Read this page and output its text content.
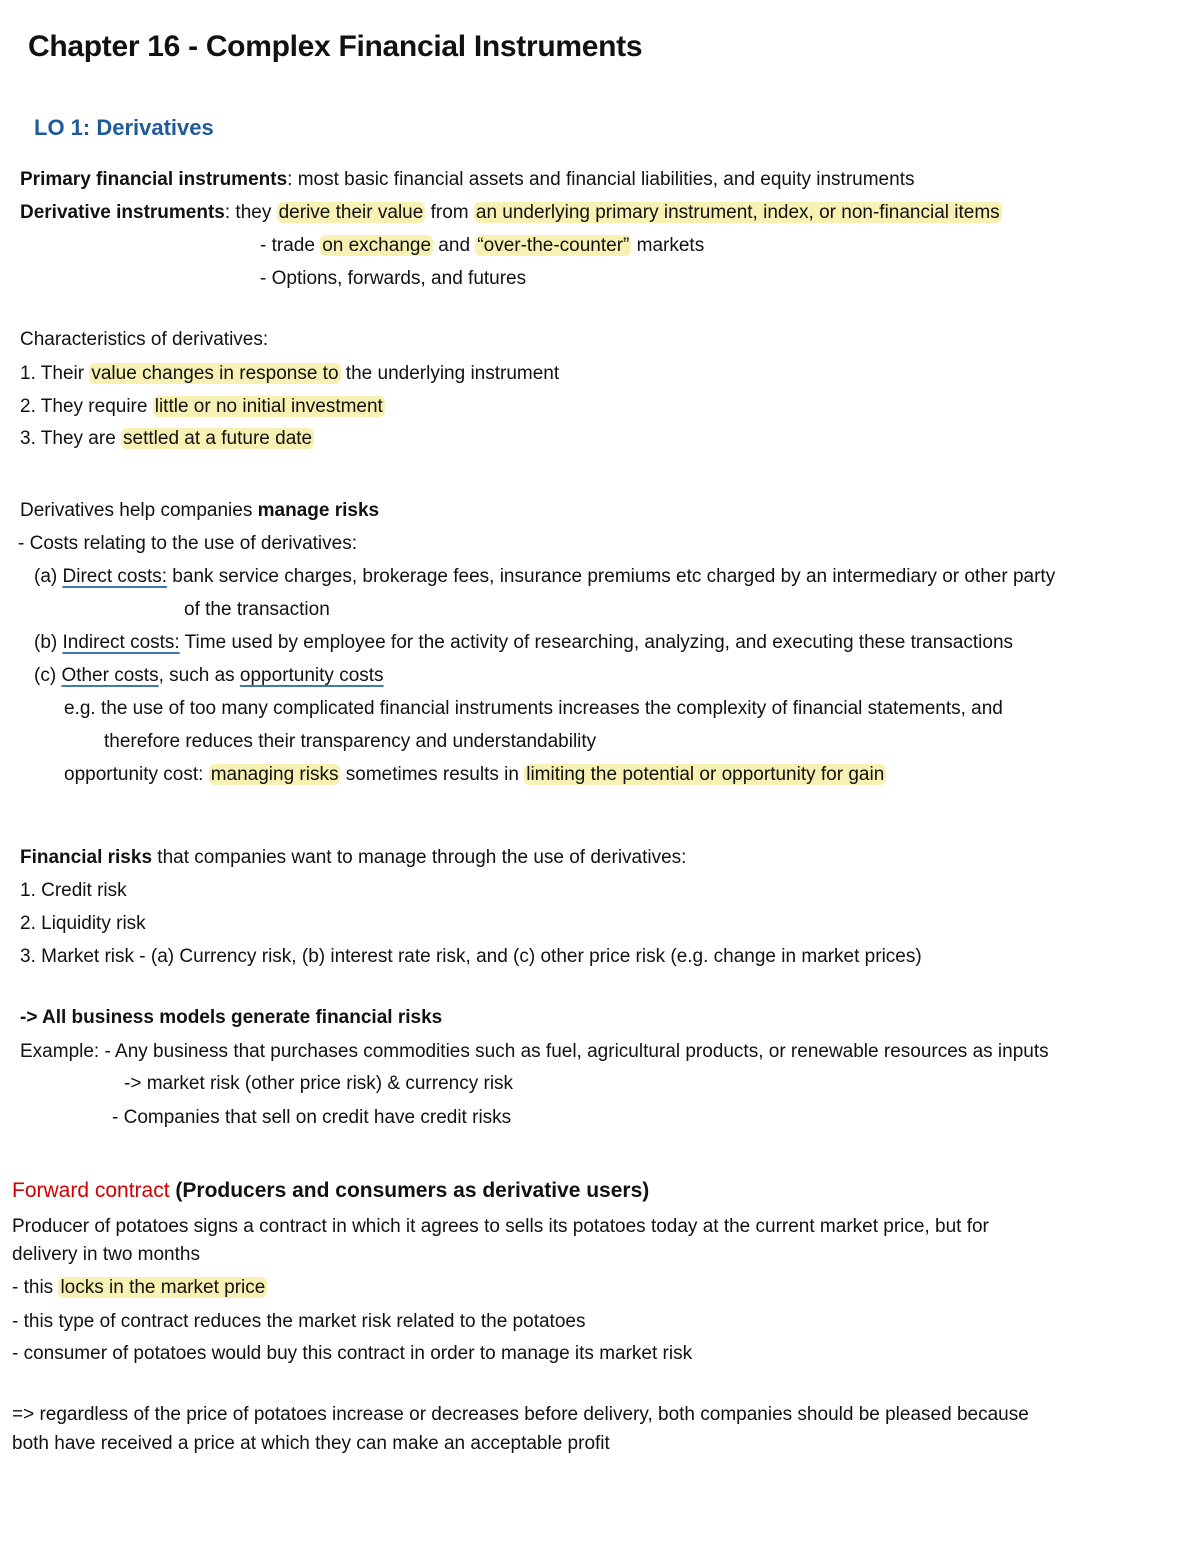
Chapter 16 - Complex Financial Instruments
LO 1: Derivatives
Primary financial instruments: most basic financial assets and financial liabilities, and equity instruments
Derivative instruments: they derive their value from an underlying primary instrument, index, or non-financial items
- trade on exchange and “over-the-counter” markets
- Options, forwards, and futures
Characteristics of derivatives:
1. Their value changes in response to the underlying instrument
2. They require little or no initial investment
3. They are settled at a future date
Derivatives help companies manage risks
- Costs relating to the use of derivatives:
(a) Direct costs: bank service charges, brokerage fees, insurance premiums etc charged by an intermediary or other party
of the transaction
(b) Indirect costs: Time used by employee for the activity of researching, analyzing, and executing these transactions
(c) Other costs, such as opportunity costs
e.g. the use of too many complicated financial instruments increases the complexity of financial statements, and
therefore reduces their transparency and understandability
opportunity cost: managing risks sometimes results in limiting the potential or opportunity for gain
Financial risks that companies want to manage through the use of derivatives:
1. Credit risk
2. Liquidity risk
3. Market risk - (a) Currency risk, (b) interest rate risk, and (c) other price risk (e.g. change in market prices)
-> All business models generate financial risks
Example: - Any business that purchases commodities such as fuel, agricultural products, or renewable resources as inputs
-> market risk (other price risk) & currency risk
- Companies that sell on credit have credit risks
Forward contract (Producers and consumers as derivative users)
Producer of potatoes signs a contract in which it agrees to sells its potatoes today at the current market price, but for
delivery in two months
- this locks in the market price
- this type of contract reduces the market risk related to the potatoes
- consumer of potatoes would buy this contract in order to manage its market risk
=> regardless of the price of potatoes increase or decreases before delivery, both companies should be pleased because
both have received a price at which they can make an acceptable profit
